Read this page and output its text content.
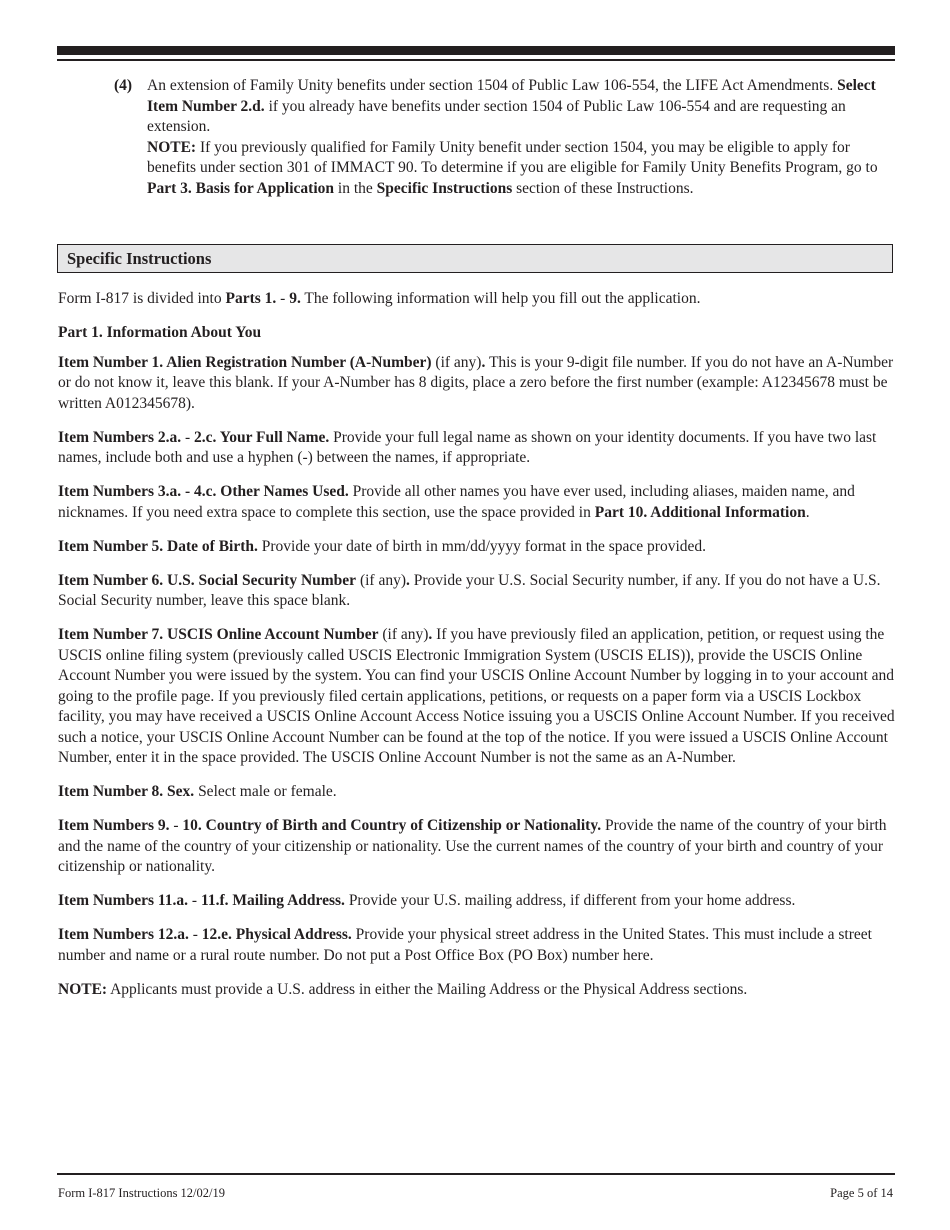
(4) An extension of Family Unity benefits under section 1504 of Public Law 106-554, the LIFE Act Amendments. Select Item Number 2.d. if you already have benefits under section 1504 of Public Law 106-554 and are requesting an extension.

NOTE: If you previously qualified for Family Unity benefit under section 1504, you may be eligible to apply for benefits under section 301 of IMMACT 90. To determine if you are eligible for Family Unity Benefits Program, go to Part 3. Basis for Application in the Specific Instructions section of these Instructions.

Specific Instructions

Form I-817 is divided into Parts 1. - 9. The following information will help you fill out the application.

Part 1. Information About You

Item Number 1. Alien Registration Number (A-Number) (if any). This is your 9-digit file number. If you do not have an A-Number or do not know it, leave this blank. If your A-Number has 8 digits, place a zero before the first number (example: A12345678 must be written A012345678).

Item Numbers 2.a. - 2.c. Your Full Name. Provide your full legal name as shown on your identity documents. If you have two last names, include both and use a hyphen (-) between the names, if appropriate.

Item Numbers 3.a. - 4.c. Other Names Used. Provide all other names you have ever used, including aliases, maiden name, and nicknames. If you need extra space to complete this section, use the space provided in Part 10. Additional Information.

Item Number 5. Date of Birth. Provide your date of birth in mm/dd/yyyy format in the space provided.

Item Number 6. U.S. Social Security Number (if any). Provide your U.S. Social Security number, if any. If you do not have a U.S. Social Security number, leave this space blank.

Item Number 7. USCIS Online Account Number (if any). If you have previously filed an application, petition, or request using the USCIS online filing system (previously called USCIS Electronic Immigration System (USCIS ELIS)), provide the USCIS Online Account Number you were issued by the system. You can find your USCIS Online Account Number by logging in to your account and going to the profile page. If you previously filed certain applications, petitions, or requests on a paper form via a USCIS Lockbox facility, you may have received a USCIS Online Account Access Notice issuing you a USCIS Online Account Number. If you received such a notice, your USCIS Online Account Number can be found at the top of the notice. If you were issued a USCIS Online Account Number, enter it in the space provided. The USCIS Online Account Number is not the same as an A-Number.

Item Number 8. Sex. Select male or female.

Item Numbers 9. - 10. Country of Birth and Country of Citizenship or Nationality. Provide the name of the country of your birth and the name of the country of your citizenship or nationality. Use the current names of the country of your birth and country of your citizenship or nationality.

Item Numbers 11.a. - 11.f. Mailing Address. Provide your U.S. mailing address, if different from your home address.

Item Numbers 12.a. - 12.e. Physical Address. Provide your physical street address in the United States. This must include a street number and name or a rural route number. Do not put a Post Office Box (PO Box) number here.

NOTE: Applicants must provide a U.S. address in either the Mailing Address or the Physical Address sections.

Form I-817 Instructions 12/02/19	Page 5 of 14
